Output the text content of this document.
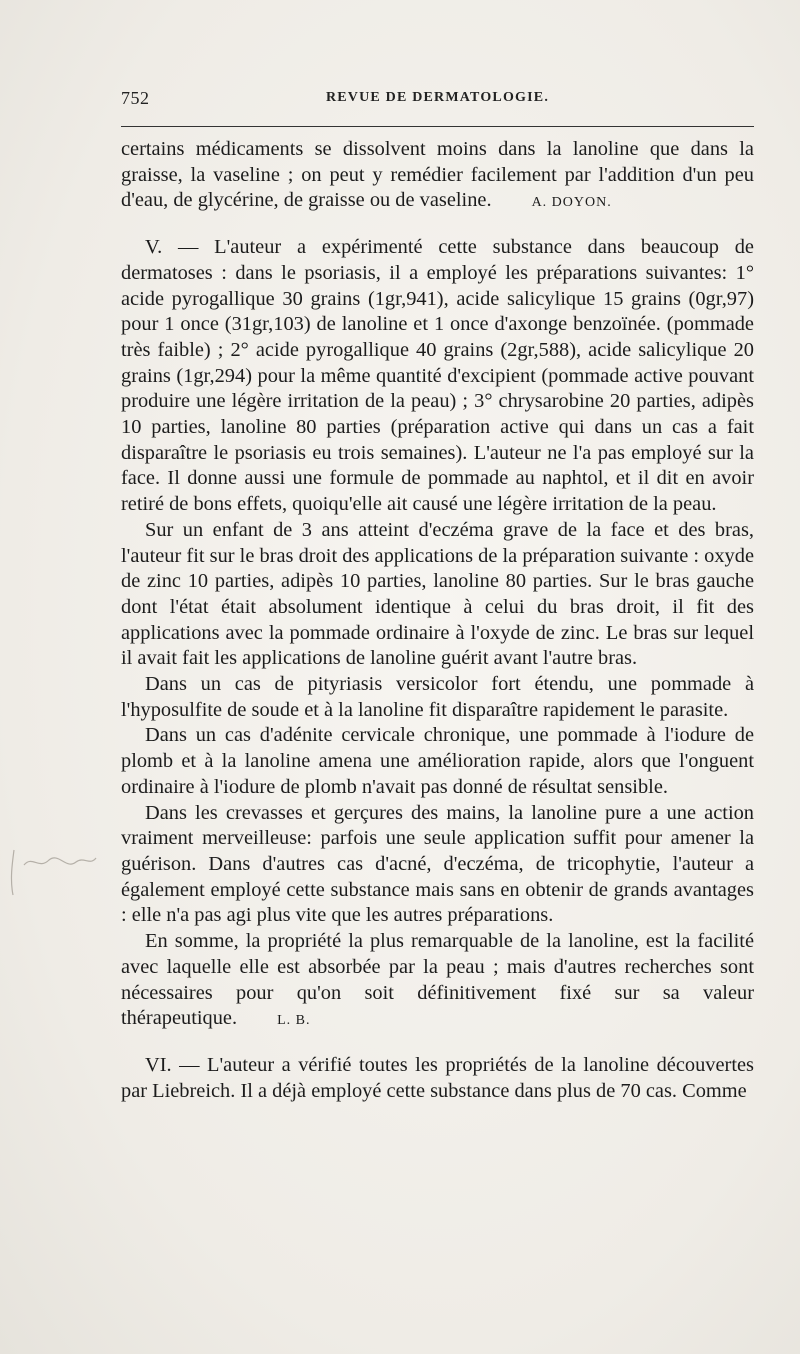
752	REVUE DE DERMATOLOGIE.

certains médicaments se dissolvent moins dans la lanoline que dans la graisse, la vaseline ; on peut y remédier facilement par l'addition d'un peu d'eau, de glycérine, de graisse ou de vaseline.	A. DOYON.

V. — L'auteur a expérimenté cette substance dans beaucoup de dermatoses : dans le psoriasis, il a employé les préparations suivantes: 1° acide pyrogallique 30 grains (1gr,941), acide salicylique 15 grains (0gr,97) pour 1 once (31gr,103) de lanoline et 1 once d'axonge benzoïnée. (pommade très faible) ; 2° acide pyrogallique 40 grains (2gr,588), acide salicylique 20 grains (1gr,294) pour la même quantité d'excipient (pommade active pouvant produire une légère irritation de la peau) ; 3° chrysarobine 20 parties, adipès 10 parties, lanoline 80 parties (préparation active qui dans un cas a fait disparaître le psoriasis eu trois semaines). L'auteur ne l'a pas employé sur la face. Il donne aussi une formule de pommade au naphtol, et il dit en avoir retiré de bons effets, quoiqu'elle ait causé une légère irritation de la peau.

Sur un enfant de 3 ans atteint d'eczéma grave de la face et des bras, l'auteur fit sur le bras droit des applications de la préparation suivante : oxyde de zinc 10 parties, adipès 10 parties, lanoline 80 parties. Sur le bras gauche dont l'état était absolument identique à celui du bras droit, il fit des applications avec la pommade ordinaire à l'oxyde de zinc. Le bras sur lequel il avait fait les applications de lanoline guérit avant l'autre bras.

Dans un cas de pityriasis versicolor fort étendu, une pommade à l'hyposulfite de soude et à la lanoline fit disparaître rapidement le parasite.

Dans un cas d'adénite cervicale chronique, une pommade à l'iodure de plomb et à la lanoline amena une amélioration rapide, alors que l'onguent ordinaire à l'iodure de plomb n'avait pas donné de résultat sensible.

Dans les crevasses et gerçures des mains, la lanoline pure a une action vraiment merveilleuse: parfois une seule application suffit pour amener la guérison. Dans d'autres cas d'acné, d'eczéma, de tricophytie, l'auteur a également employé cette substance mais sans en obtenir de grands avantages : elle n'a pas agi plus vite que les autres préparations.

En somme, la propriété la plus remarquable de la lanoline, est la facilité avec laquelle elle est absorbée par la peau ; mais d'autres recherches sont nécessaires pour qu'on soit définitivement fixé sur sa valeur thérapeutique.	L. B.

VI. — L'auteur a vérifié toutes les propriétés de la lanoline découvertes par Liebreich. Il a déjà employé cette substance dans plus de 70 cas. Comme
